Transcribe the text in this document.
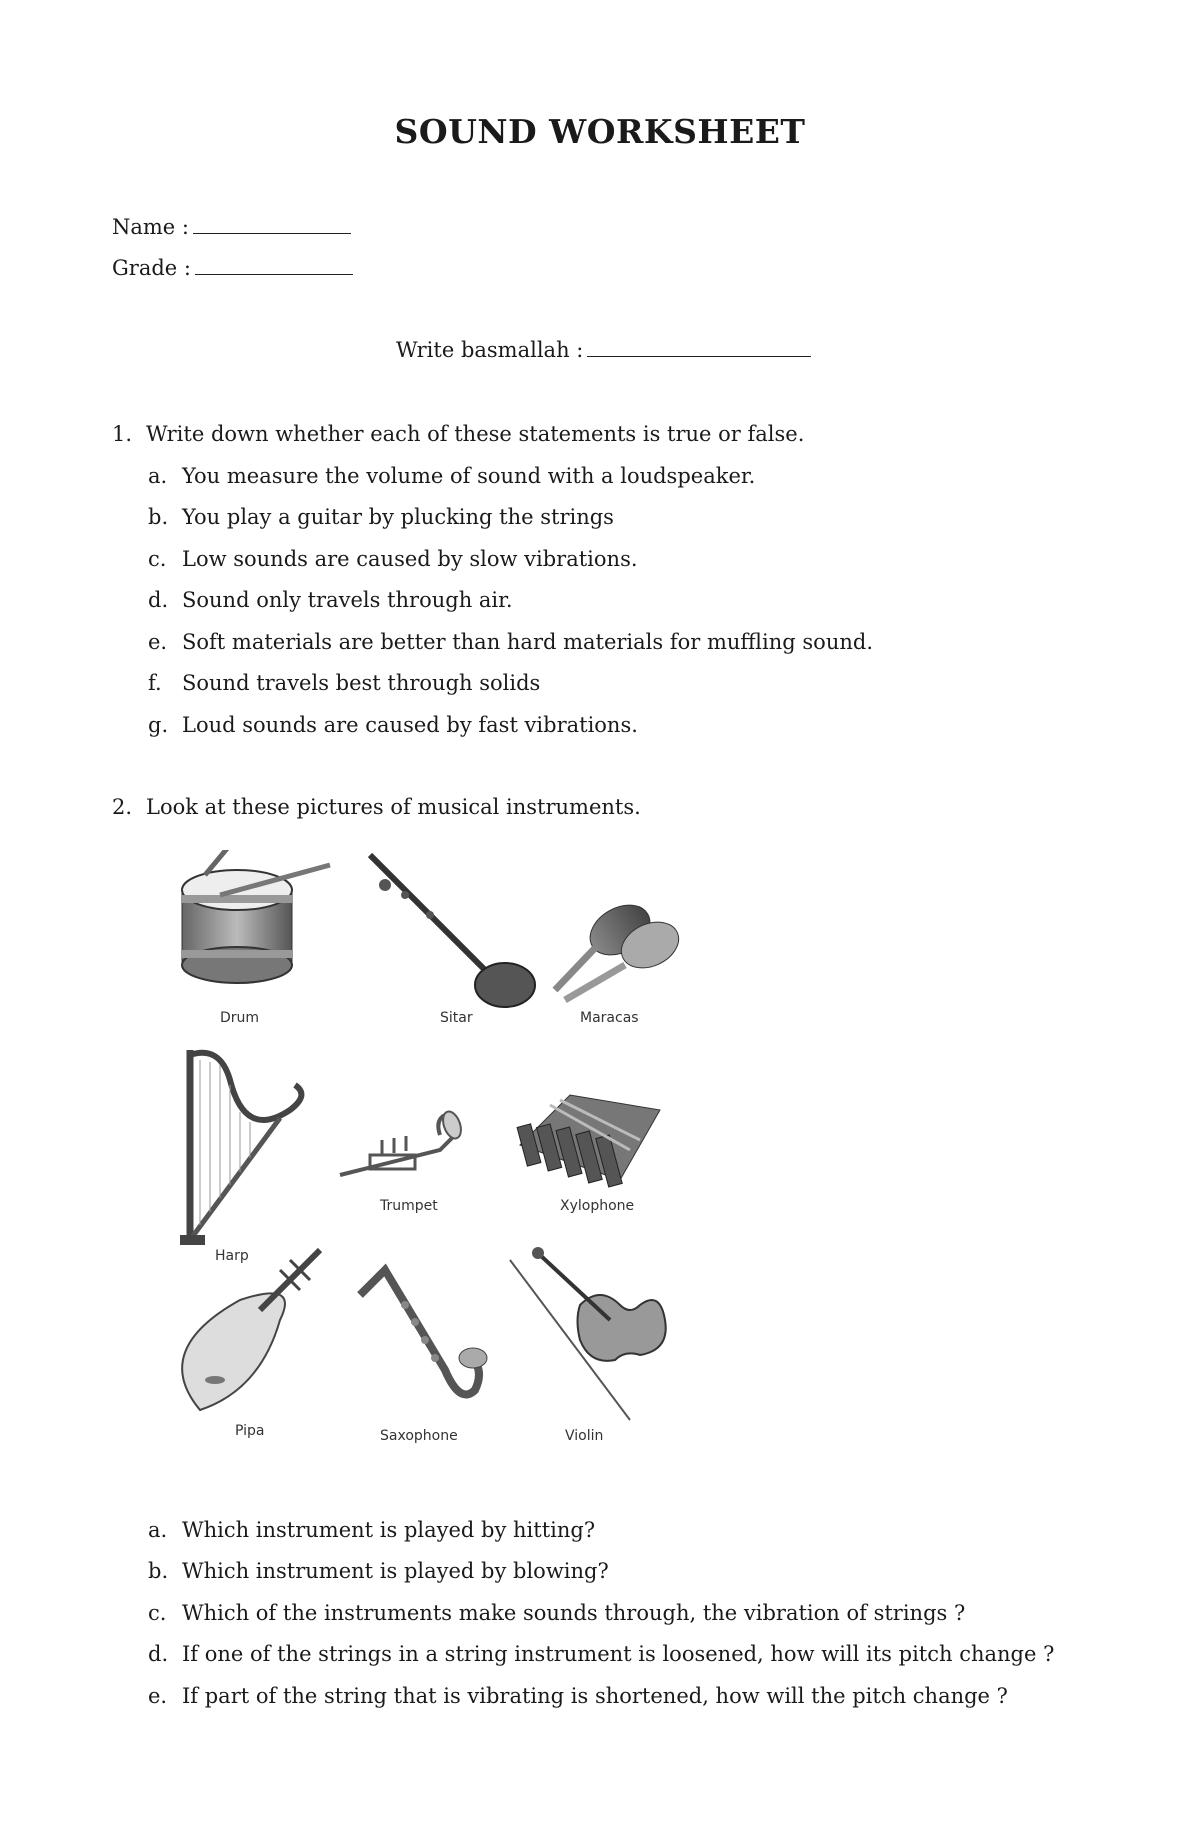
SOUND WORKSHEET
Name :
Grade :
Write basmallah :
1. Write down whether each of these statements is true or false.
a. You measure the volume of sound with a loudspeaker.
b. You play a guitar by plucking the strings
c. Low sounds are caused by slow vibrations.
d. Sound only travels through air.
e. Soft materials are better than hard materials for muffling sound.
f. Sound travels best through solids
g. Loud sounds are caused by fast vibrations.
2. Look at these pictures of musical instruments.
Drum	Sitar	Maracas
Harp
Trumpet	Xylophone
Pipa	Saxophone	Violin
a. Which instrument is played by hitting?
b. Which instrument is played by blowing?
c. Which of the instruments make sounds through, the vibration of strings ?
d. If one of the strings in a string instrument is loosened, how will its pitch change ?
e. If part of the string that is vibrating is shortened, how will the pitch change ?
